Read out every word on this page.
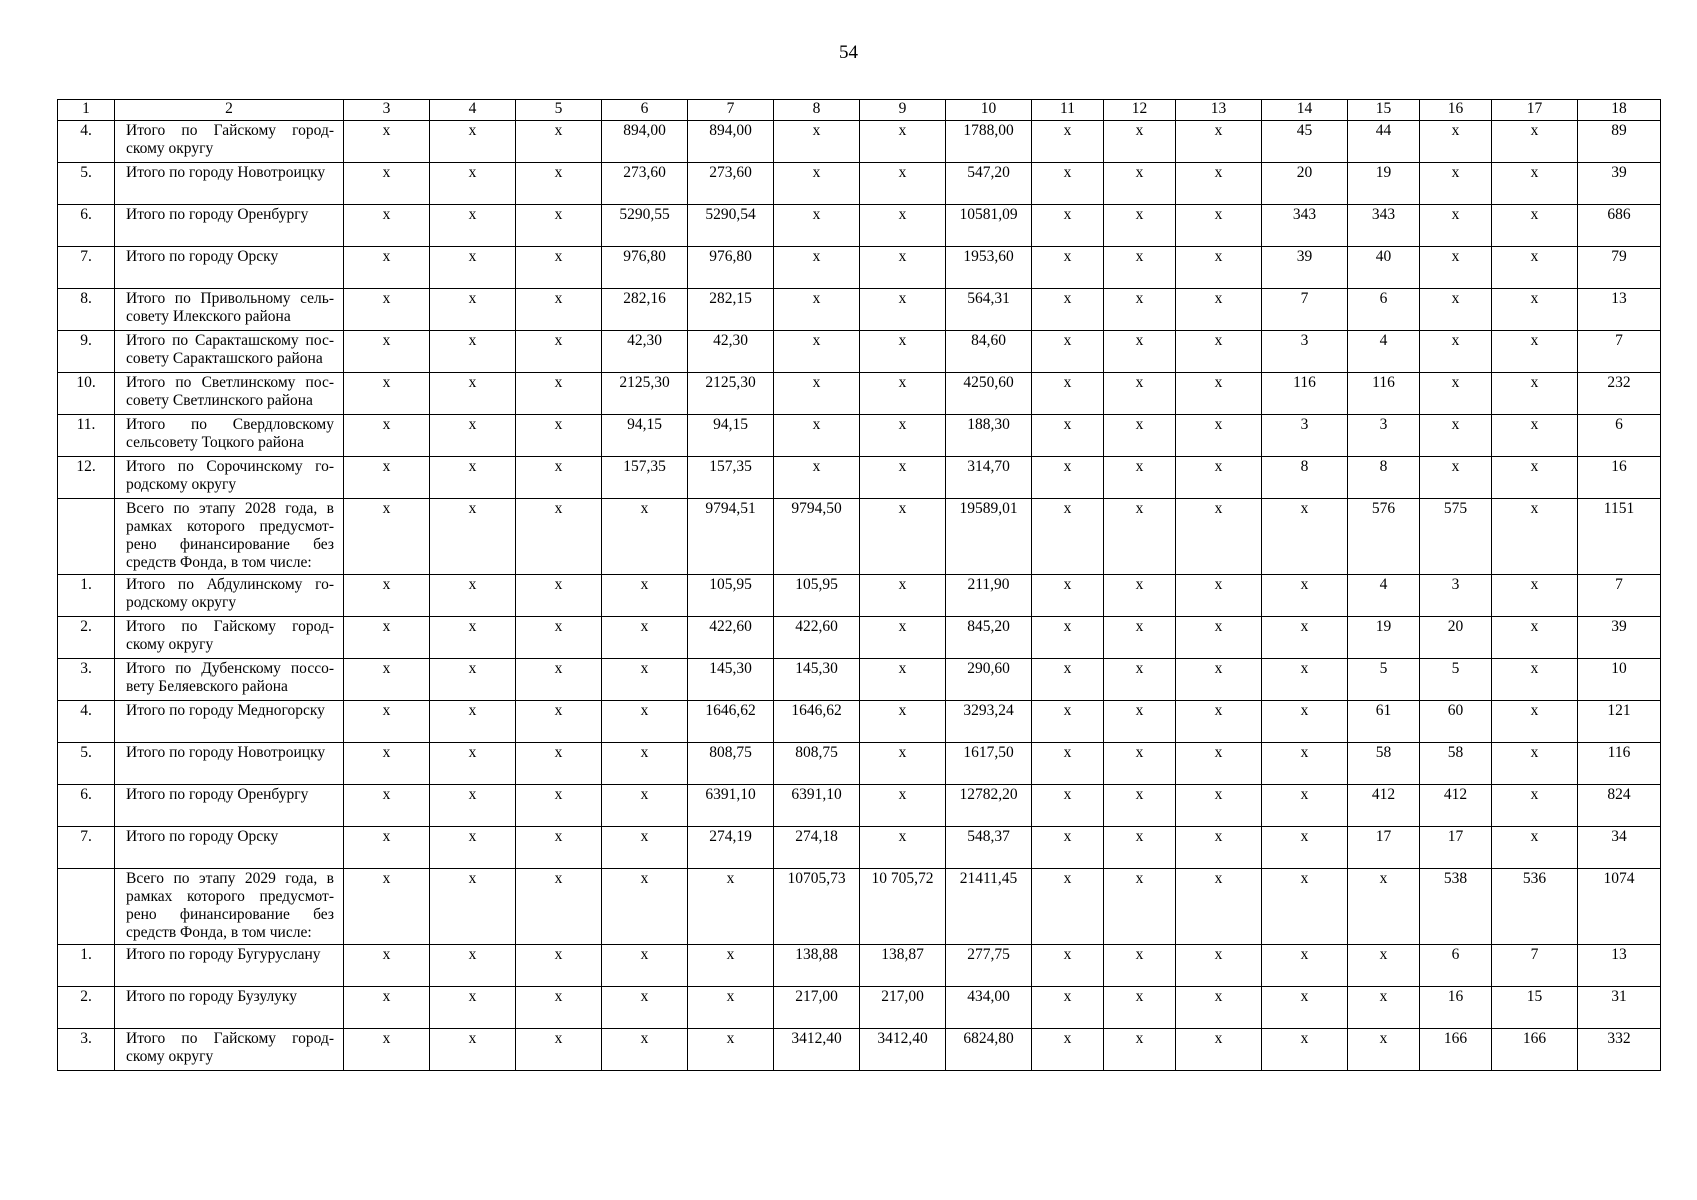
54
1	2	3	4	5	6	7	8	9	10	11	12	13	14	15	16	17	18
4.	Итого по Гайскому город-скому округу	х	х	х	894,00	894,00	х	х	1788,00	х	х	х	45	44	х	х	89
5.	Итого по городу Новотроицку	х	х	х	273,60	273,60	х	х	547,20	х	х	х	20	19	х	х	39
6.	Итого по городу Оренбургу	х	х	х	5290,55	5290,54	х	х	10581,09	х	х	х	343	343	х	х	686
7.	Итого по городу Орску	х	х	х	976,80	976,80	х	х	1953,60	х	х	х	39	40	х	х	79
8.	Итого по Привольному сель-совету Илекского района	х	х	х	282,16	282,15	х	х	564,31	х	х	х	7	6	х	х	13
9.	Итого по Саракташскому пос-совету Саракташского района	х	х	х	42,30	42,30	х	х	84,60	х	х	х	3	4	х	х	7
10.	Итого по Светлинскому пос-совету Светлинского района	х	х	х	2125,30	2125,30	х	х	4250,60	х	х	х	116	116	х	х	232
11.	Итого по Свердловскому сельсовету Тоцкого района	х	х	х	94,15	94,15	х	х	188,30	х	х	х	3	3	х	х	6
12.	Итого по Сорочинскому го-родскому округу	х	х	х	157,35	157,35	х	х	314,70	х	х	х	8	8	х	х	16
	Всего по этапу 2028 года, в рамках которого предусмот-рено финансирование без средств Фонда, в том числе:	х	х	х	х	9794,51	9794,50	х	19589,01	х	х	х	х	576	575	х	1151
1.	Итого по Абдулинскому го-родскому округу	х	х	х	х	105,95	105,95	х	211,90	х	х	х	х	4	3	х	7
2.	Итого по Гайскому город-скому округу	х	х	х	х	422,60	422,60	х	845,20	х	х	х	х	19	20	х	39
3.	Итого по Дубенскому поссо-вету Беляевского района	х	х	х	х	145,30	145,30	х	290,60	х	х	х	х	5	5	х	10
4.	Итого по городу Медногорску	х	х	х	х	1646,62	1646,62	х	3293,24	х	х	х	х	61	60	х	121
5.	Итого по городу Новотроицку	х	х	х	х	808,75	808,75	х	1617,50	х	х	х	х	58	58	х	116
6.	Итого по городу Оренбургу	х	х	х	х	6391,10	6391,10	х	12782,20	х	х	х	х	412	412	х	824
7.	Итого по городу Орску	х	х	х	х	274,19	274,18	х	548,37	х	х	х	х	17	17	х	34
	Всего по этапу 2029 года, в рамках которого предусмот-рено финансирование без средств Фонда, в том числе:	х	х	х	х	х	10705,73	10 705,72	21411,45	х	х	х	х	х	538	536	1074
1.	Итого по городу Бугуруслану	х	х	х	х	х	138,88	138,87	277,75	х	х	х	х	х	6	7	13
2.	Итого по городу Бузулуку	х	х	х	х	х	217,00	217,00	434,00	х	х	х	х	х	16	15	31
3.	Итого по Гайскому город-скому округу	х	х	х	х	х	3412,40	3412,40	6824,80	х	х	х	х	х	166	166	332
